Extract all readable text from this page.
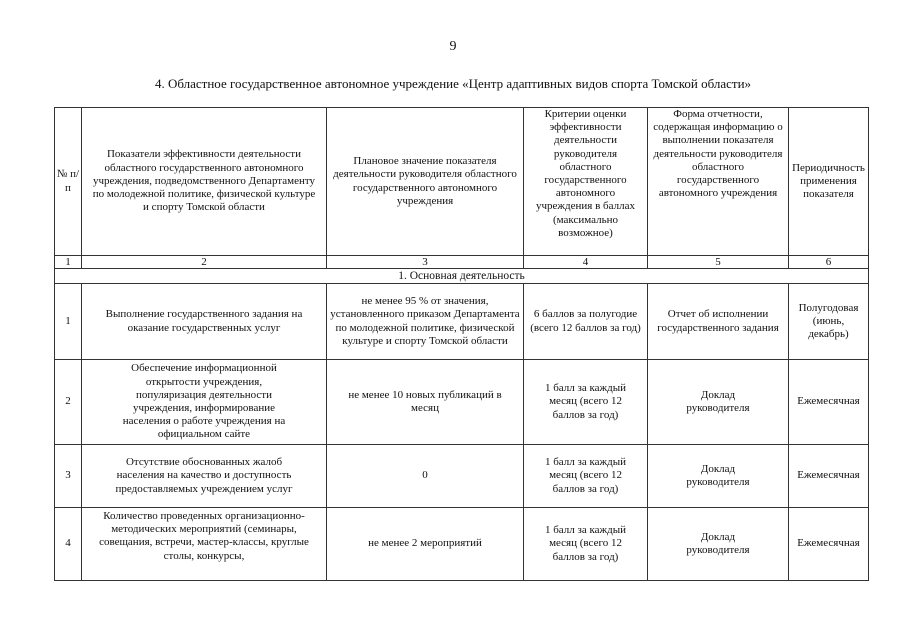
9
4. Областное государственное автономное учреждение «Центр адаптивных видов спорта Томской области»
№ п/п	Показатели эффективности деятельности областного государственного автономного учреждения, подведомственного Департаменту по молодежной политике, физической культуре и спорту Томской области	Плановое значение показателя деятельности руководителя областного государственного автономного учреждения	Критерии оценки эффективности деятельности руководителя областного государственного автономного учреждения в баллах (максимально возможное)	Форма отчетности, содержащая информацию о выполнении показателя деятельности руководителя областного государственного автономного учреждения	Периодичность применения показателя
1	2	3	4	5	6
1. Основная деятельность					
1	Выполнение государственного задания на оказание государственных услуг	не менее 95 % от значения, установленного приказом Департамента по молодежной политике, физической культуре и спорту Томской области	6 баллов за полугодие (всего 12 баллов за год)	Отчет об исполнении государственного задания	Полугодовая (июнь, декабрь)
2	Обеспечение информационной открытости учреждения, популяризация деятельности учреждения, информирование населения о работе учреждения на официальном сайте	не менее 10 новых публикаций в месяц	1 балл за каждый месяц (всего 12 баллов за год)	Доклад руководителя	Ежемесячная
3	Отсутствие обоснованных жалоб населения на качество и доступность предоставляемых учреждением услуг	0	1 балл за каждый месяц (всего 12 баллов за год)	Доклад руководителя	Ежемесячная
4	Количество проведенных организационно-методических мероприятий (семинары, совещания, встречи, мастер-классы, круглые столы, конкурсы,	не менее 2 мероприятий	1 балл за каждый месяц (всего 12 баллов за год)	Доклад руководителя	Ежемесячная
